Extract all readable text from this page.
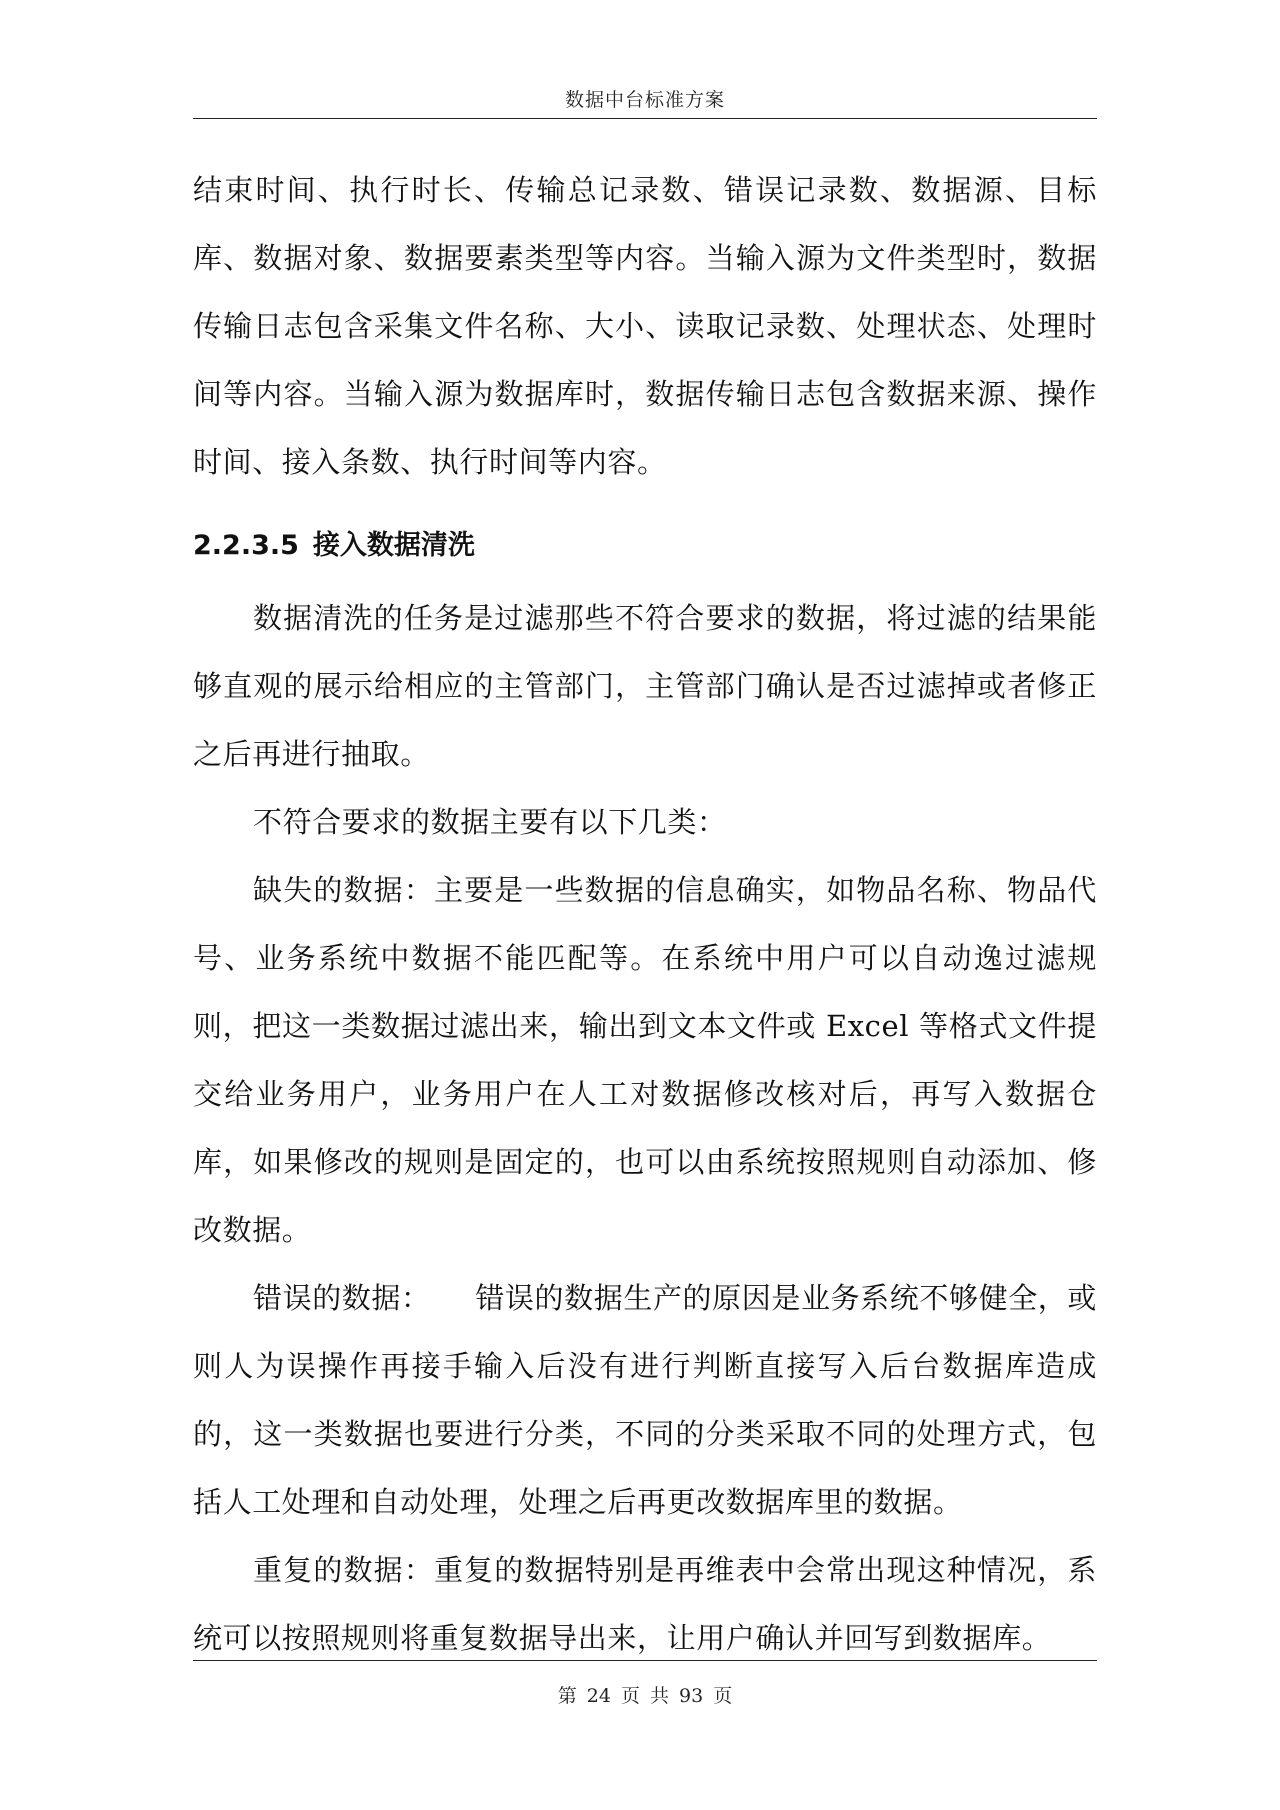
数据中台标准方案

结束时间、执行时长、传输总记录数、错误记录数、数据源、目标库、数据对象、数据要素类型等内容。当输入源为文件类型时，数据传输日志包含采集文件名称、大小、读取记录数、处理状态、处理时间等内容。当输入源为数据库时，数据传输日志包含数据来源、操作时间、接入条数、执行时间等内容。

2.2.3.5 接入数据清洗

数据清洗的任务是过滤那些不符合要求的数据，将过滤的结果能够直观的展示给相应的主管部门，主管部门确认是否过滤掉或者修正之后再进行抽取。

不符合要求的数据主要有以下几类：

缺失的数据：主要是一些数据的信息确实，如物品名称、物品代号、业务系统中数据不能匹配等。在系统中用户可以自动逸过滤规则，把这一类数据过滤出来，输出到文本文件或 Excel 等格式文件提交给业务用户，业务用户在人工对数据修改核对后，再写入数据仓库，如果修改的规则是固定的，也可以由系统按照规则自动添加、修改数据。

错误的数据：　　错误的数据生产的原因是业务系统不够健全，或则人为误操作再接手输入后没有进行判断直接写入后台数据库造成的，这一类数据也要进行分类，不同的分类采取不同的处理方式，包括人工处理和自动处理，处理之后再更改数据库里的数据。

重复的数据：重复的数据特别是再维表中会常出现这种情况，系统可以按照规则将重复数据导出来，让用户确认并回写到数据库。

第 24 页 共 93 页
